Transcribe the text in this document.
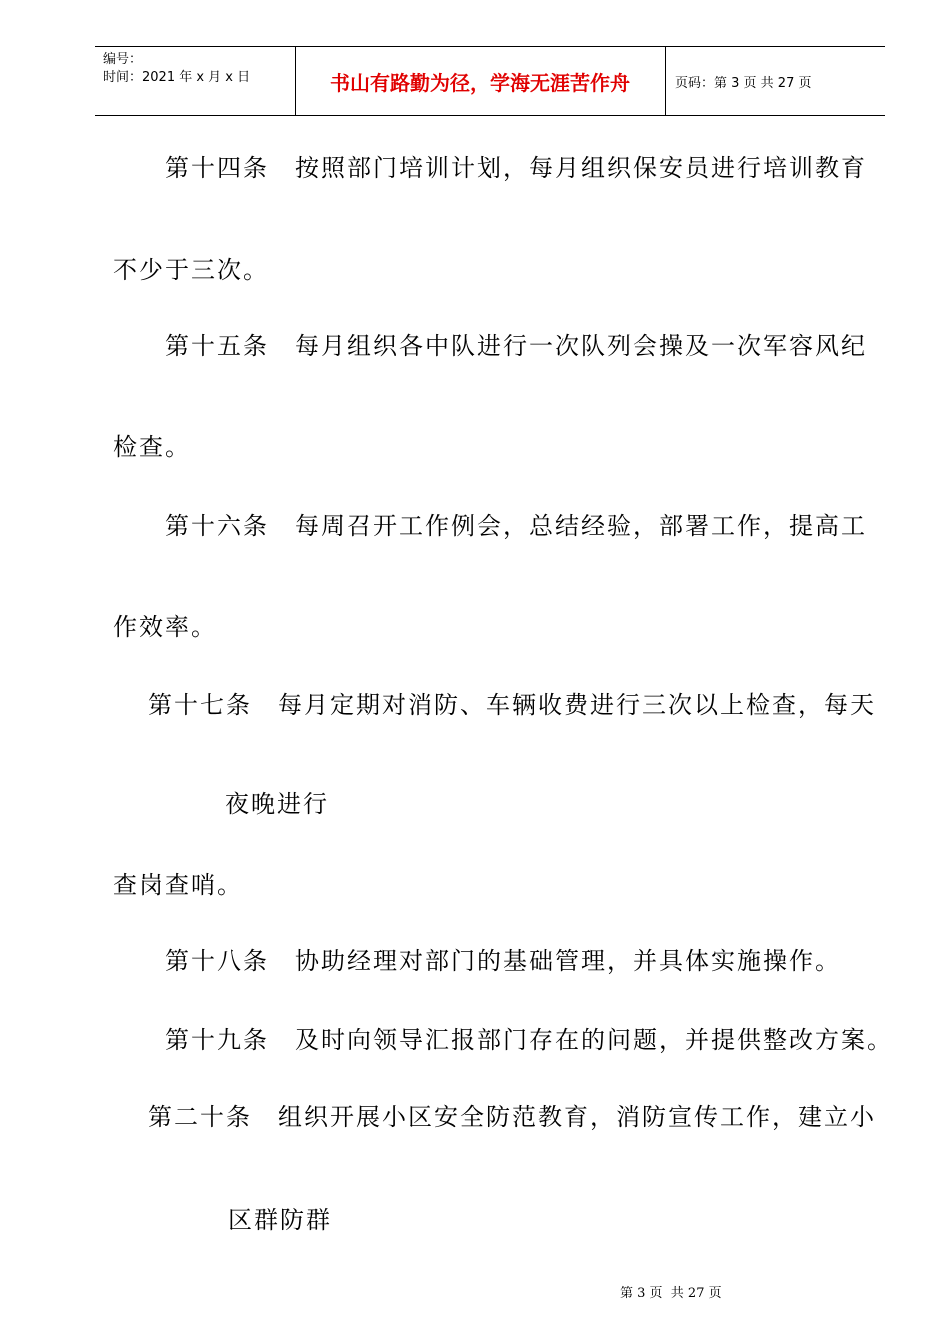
编号：
时间：2021 年 x 月 x 日	书山有路勤为径，学海无涯苦作舟	页码：第 3 页 共 27 页
第十四条　按照部门培训计划，每月组织保安员进行培训教育
不少于三次。
第十五条　每月组织各中队进行一次队列会操及一次军容风纪
检查。
第十六条　每周召开工作例会，总结经验，部署工作，提高工
作效率。
第十七条　每月定期对消防、车辆收费进行三次以上检查，每天
夜晚进行
查岗查哨。
第十八条　协助经理对部门的基础管理，并具体实施操作。
第十九条　及时向领导汇报部门存在的问题，并提供整改方案。
第二十条　组织开展小区安全防范教育，消防宣传工作，建立小
区群防群
第 3 页  共 27 页
